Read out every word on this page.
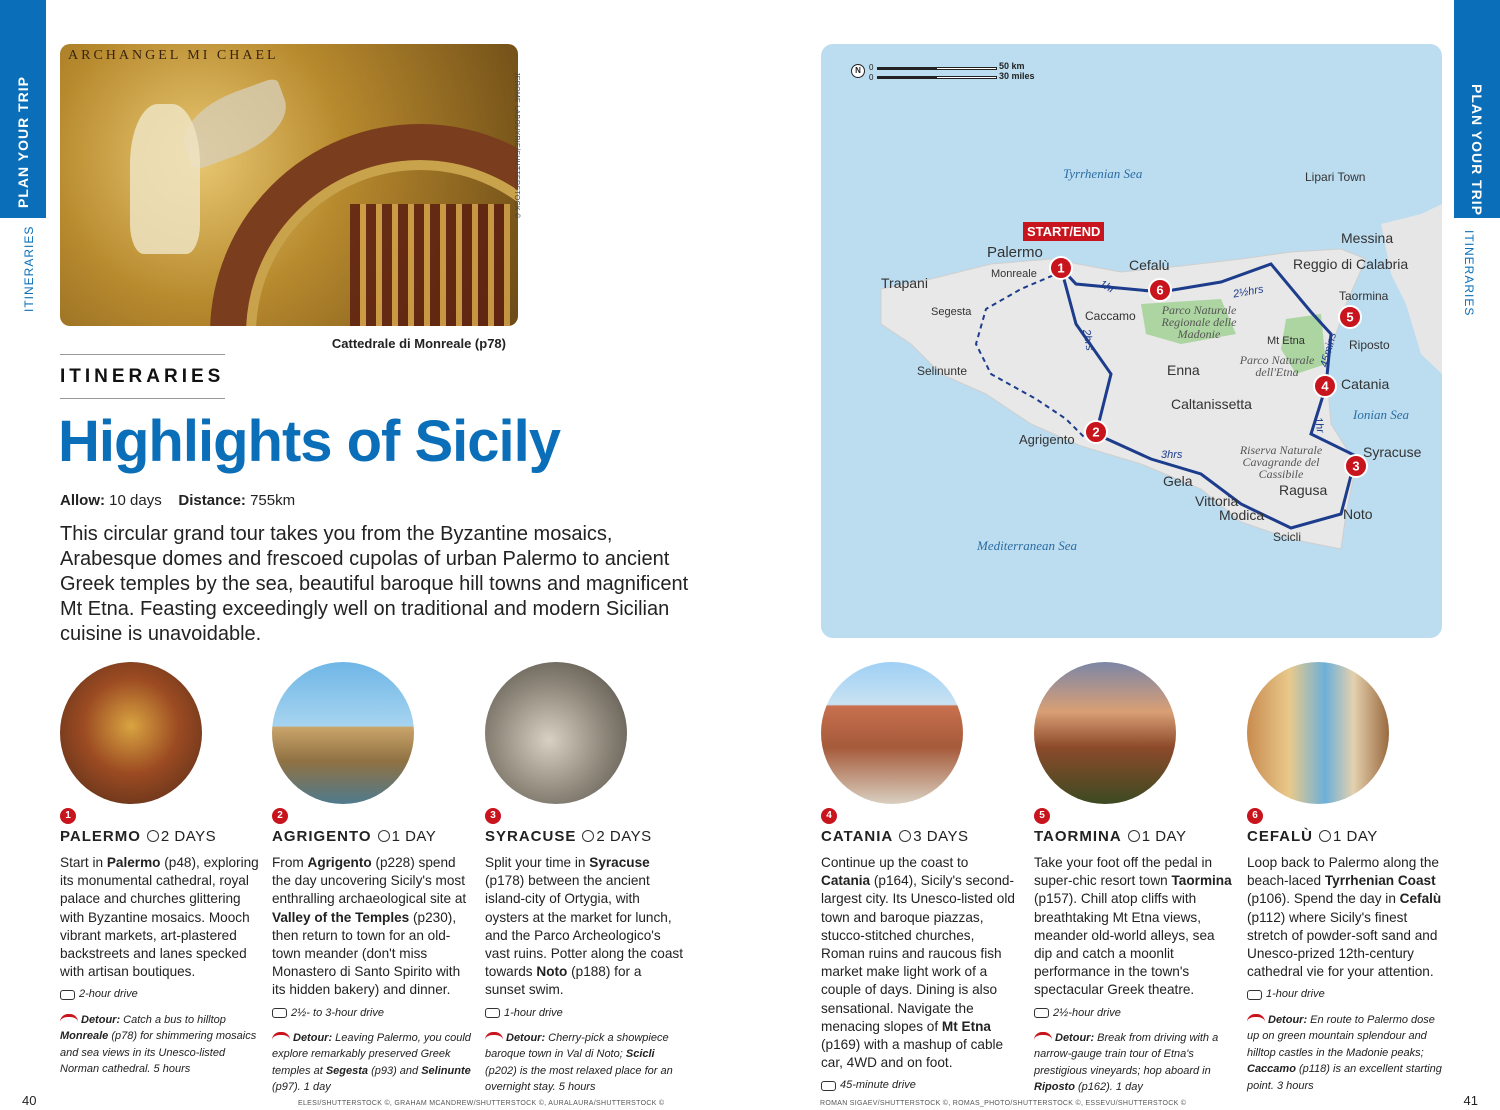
PLAN YOUR TRIP
ITINERARIES
PLAN YOUR TRIP
ITINERARIES
ARCHANGEL MI CHAEL
JEROME LABOUYRIE/SHUTTERSTOCK ©
Cattedrale di Monreale (p78)
ITINERARIES
Highlights of Sicily
Allow: 10 days Distance: 755km

This circular grand tour takes you from the Byzantine mosaics, Arabesque domes and frescoed cupolas of urban Palermo to ancient Greek temples by the sea, beautiful baroque hill towns and magnificent Mt Etna. Feasting exceedingly well on traditional and modern Sicilian cuisine is unavoidable.

1
2
3
4
5
6
N	0	50 km
0	30 miles
Palermo
Monreale
Trapani
Segesta
Selinunte
Cefalù
Caccamo
Enna
Caltanissetta
Agrigento
Gela
Vittoria
Modica
Ragusa
Scicli
Noto
Syracuse
Catania
Riposto
Taormina
Messina
Reggio di Calabria
Lipari Town
Mt Etna
Tyrrhenian Sea
Ionian Sea
Mediterranean Sea
Parco Naturale Regionale delle Madonie
Parco Naturale dell'Etna
Riserva Naturale Cavagrande del Cassibile
1hr
2hrs
3hrs
1hr
45mins
2½hrs
START/END
1
PALERMO 2 DAYS
Start in Palermo (p48), exploring its monumental cathedral, royal palace and churches glittering with Byzantine mosaics. Mooch vibrant markets, art-plastered backstreets and lanes specked with artisan boutiques.
2-hour drive
Detour: Catch a bus to hilltop Monreale (p78) for shimmering mosaics and sea views in its Unesco-listed Norman cathedral. 5 hours
2
AGRIGENTO 1 DAY
From Agrigento (p228) spend the day uncovering Sicily's most enthralling archaeological site at Valley of the Temples (p230), then return to town for an old-town meander (don't miss Monastero di Santo Spirito with its hidden bakery) and dinner.
2½- to 3-hour drive
Detour: Leaving Palermo, you could explore remarkably preserved Greek temples at Segesta (p93) and Selinunte (p97). 1 day
3
SYRACUSE 2 DAYS
Split your time in Syracuse (p178) between the ancient island-city of Ortygia, with oysters at the market for lunch, and the Parco Archeologico's vast ruins. Potter along the coast towards Noto (p188) for a sunset swim.
1-hour drive
Detour: Cherry-pick a showpiece baroque town in Val di Noto; Scicli (p202) is the most relaxed place for an overnight stay. 5 hours
4
CATANIA 3 DAYS
Continue up the coast to Catania (p164), Sicily's second-largest city. Its Unesco-listed old town and baroque piazzas, stucco-stitched churches, Roman ruins and raucous fish market make light work of a couple of days. Dining is also sensational. Navigate the menacing slopes of Mt Etna (p169) with a mashup of cable car, 4WD and on foot.
45-minute drive
5
TAORMINA 1 DAY
Take your foot off the pedal in super-chic resort town Taormina (p157). Chill atop cliffs with breathtaking Mt Etna views, meander old-world alleys, sea dip and catch a moonlit performance in the town's spectacular Greek theatre.
2½-hour drive
Detour: Break from driving with a narrow-gauge train tour of Etna's prestigious vineyards; hop aboard in Riposto (p162). 1 day
6
CEFALÙ 1 DAY
Loop back to Palermo along the beach-laced Tyrrhenian Coast (p106). Spend the day in Cefalù (p112) where Sicily's finest stretch of powder-soft sand and Unesco-prized 12th-century cathedral vie for your attention.
1-hour drive
Detour: En route to Palermo dose up on green mountain splendour and hilltop castles in the Madonie peaks; Caccamo (p118) is an excellent starting point. 3 hours
40	ELESI/SHUTTERSTOCK ©, GRAHAM MCANDREW/SHUTTERSTOCK ©, AURALAURA/SHUTTERSTOCK ©	ROMAN SIGAEV/SHUTTERSTOCK ©, ROMAS_PHOTO/SHUTTERSTOCK ©, ESSEVU/SHUTTERSTOCK ©	41
